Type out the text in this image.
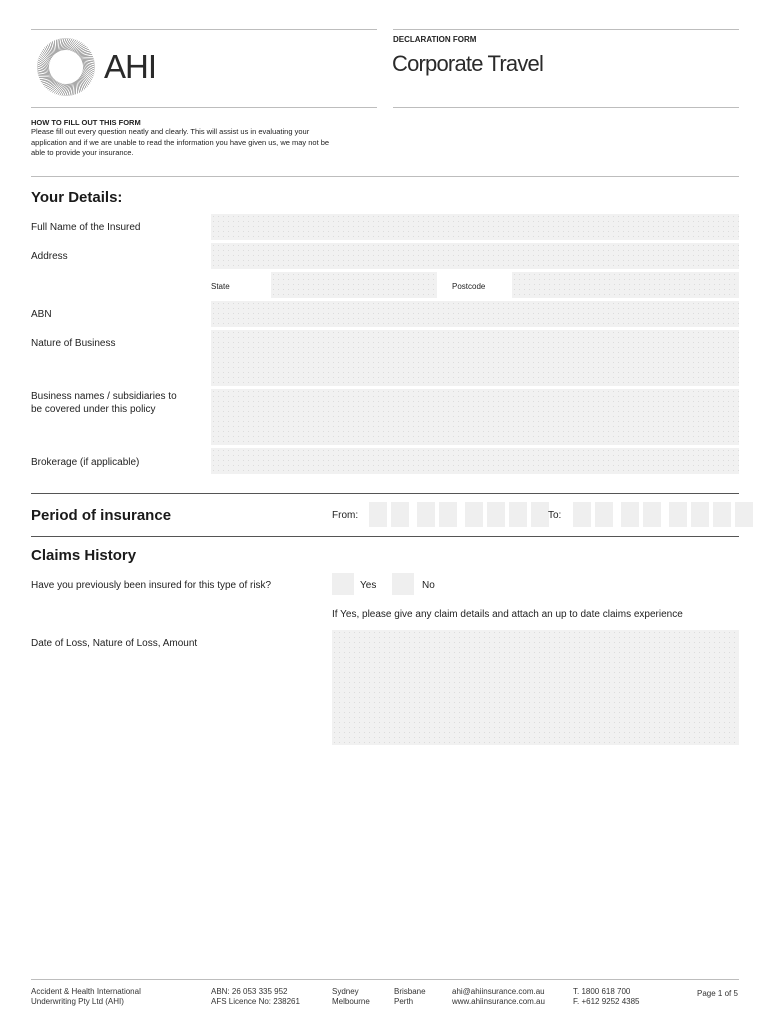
AHI
DECLARATION FORM
Corporate Travel
HOW TO FILL OUT THIS FORM
Please fill out every question neatly and clearly. This will assist us in evaluating your
application and if we are unable to read the information you have given us, we may not be
able to provide your insurance.
Your Details:
Full Name of the Insured
Address
State	Postcode
ABN
Nature of Business
Business names / subsidiaries to
be covered under this policy
Brokerage (if applicable)
Period of insurance	From:	To:
Claims History
Have you previously been insured for this type of risk?	Yes	No
If Yes, please give any claim details and attach an up to date claims experience
Date of Loss, Nature of Loss, Amount
Accident & Health International
Underwriting Pty Ltd (AHI)
ABN: 26 053 335 952
AFS Licence No: 238261
Sydney
Melbourne
Brisbane
Perth
ahi@ahiinsurance.com.au
www.ahiinsurance.com.au
T. 1800 618 700
F. +612 9252 4385
Page 1 of 5
